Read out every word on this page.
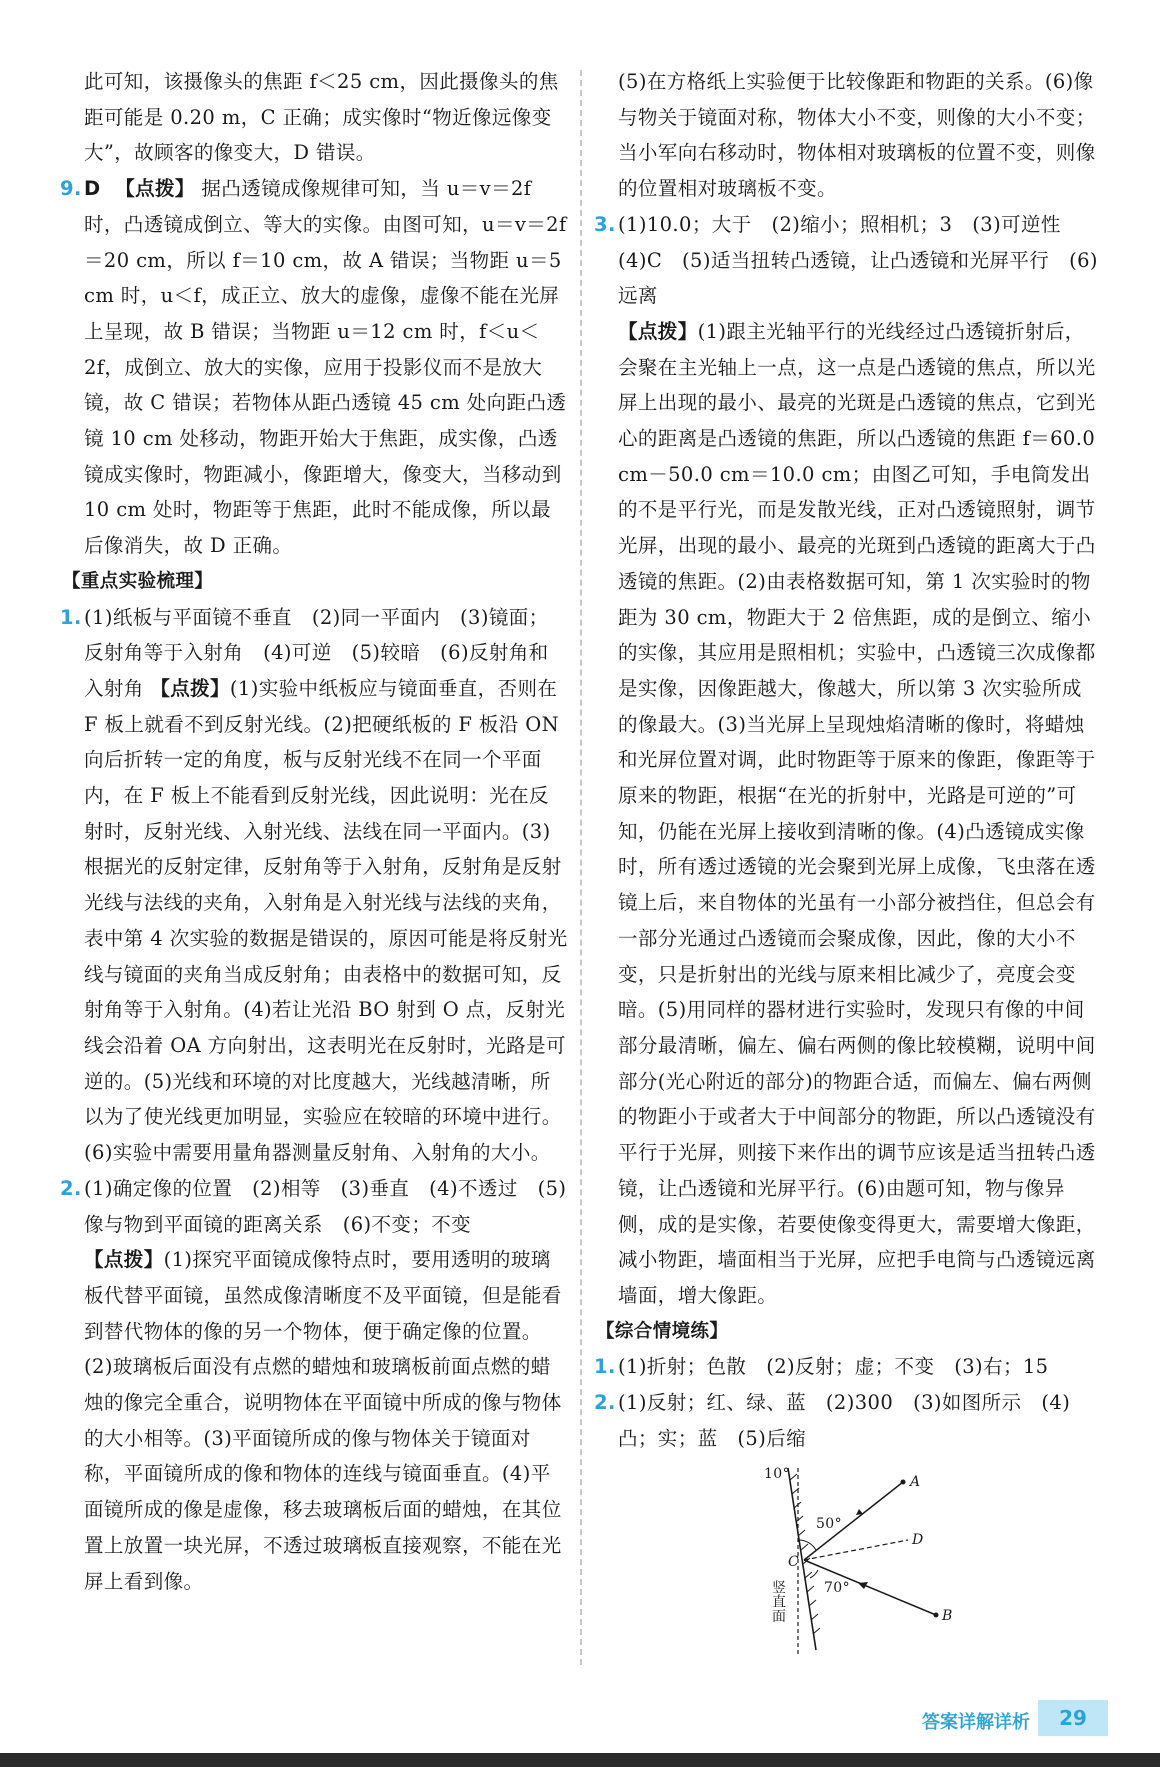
此可知，该摄像头的焦距 f＜25 cm，因此摄像头的焦距可能是 0.20 m，C 正确；成实像时“物近像远像变大”，故顾客的像变大，D 错误。
9. D 【点拨】 据凸透镜成像规律可知，当 u＝v＝2f 时，凸透镜成倒立、等大的实像。由图可知，u＝v＝2f＝20 cm，所以 f＝10 cm，故 A 错误；当物距 u＝5 cm 时，u＜f，成正立、放大的虚像，虚像不能在光屏上呈现，故 B 错误；当物距 u＝12 cm 时，f＜u＜2f，成倒立、放大的实像，应用于投影仪而不是放大镜，故 C 错误；若物体从距凸透镜 45 cm 处向距凸透镜 10 cm 处移动，物距开始大于焦距，成实像，凸透镜成实像时，物距减小，像距增大，像变大，当移动到 10 cm 处时，物距等于焦距，此时不能成像，所以最后像消失，故 D 正确。
【重点实验梳理】
1. (1)纸板与平面镜不垂直　(2)同一平面内　(3)镜面；反射角等于入射角　(4)可逆　(5)较暗　(6)反射角和入射角 【点拨】(1)实验中纸板应与镜面垂直，否则在 F 板上就看不到反射光线。(2)把硬纸板的 F 板沿 ON 向后折转一定的角度，板与反射光线不在同一个平面内，在 F 板上不能看到反射光线，因此说明：光在反射时，反射光线、入射光线、法线在同一平面内。(3)根据光的反射定律，反射角等于入射角，反射角是反射光线与法线的夹角，入射角是入射光线与法线的夹角，表中第 4 次实验的数据是错误的，原因可能是将反射光线与镜面的夹角当成反射角；由表格中的数据可知，反射角等于入射角。(4)若让光沿 BO 射到 O 点，反射光线会沿着 OA 方向射出，这表明光在反射时，光路是可逆的。(5)光线和环境的对比度越大，光线越清晰，所以为了使光线更加明显，实验应在较暗的环境中进行。(6)实验中需要用量角器测量反射角、入射角的大小。
2. (1)确定像的位置　(2)相等　(3)垂直　(4)不透过　(5)像与物到平面镜的距离关系　(6)不变；不变
【点拨】(1)探究平面镜成像特点时，要用透明的玻璃板代替平面镜，虽然成像清晰度不及平面镜，但是能看到替代物体的像的另一个物体，便于确定像的位置。(2)玻璃板后面没有点燃的蜡烛和玻璃板前面点燃的蜡烛的像完全重合，说明物体在平面镜中所成的像与物体的大小相等。(3)平面镜所成的像与物体关于镜面对称，平面镜所成的像和物体的连线与镜面垂直。(4)平面镜所成的像是虚像，移去玻璃板后面的蜡烛，在其位置上放置一块光屏，不透过玻璃板直接观察，不能在光屏上看到像。
(5)在方格纸上实验便于比较像距和物距的关系。(6)像与物关于镜面对称，物体大小不变，则像的大小不变；当小军向右移动时，物体相对玻璃板的位置不变，则像的位置相对玻璃板不变。
3. (1)10.0；大于　(2)缩小；照相机；3　(3)可逆性　(4)C　(5)适当扭转凸透镜，让凸透镜和光屏平行　(6)远离
【点拨】(1)跟主光轴平行的光线经过凸透镜折射后，会聚在主光轴上一点，这一点是凸透镜的焦点，所以光屏上出现的最小、最亮的光斑是凸透镜的焦点，它到光心的距离是凸透镜的焦距，所以凸透镜的焦距 f＝60.0 cm－50.0 cm＝10.0 cm；由图乙可知，手电筒发出的不是平行光，而是发散光线，正对凸透镜照射，调节光屏，出现的最小、最亮的光斑到凸透镜的距离大于凸透镜的焦距。(2)由表格数据可知，第 1 次实验时的物距为 30 cm，物距大于 2 倍焦距，成的是倒立、缩小的实像，其应用是照相机；实验中，凸透镜三次成像都是实像，因像距越大，像越大，所以第 3 次实验所成的像最大。(3)当光屏上呈现烛焰清晰的像时，将蜡烛和光屏位置对调，此时物距等于原来的像距，像距等于原来的物距，根据“在光的折射中，光路是可逆的”可知，仍能在光屏上接收到清晰的像。(4)凸透镜成实像时，所有透过透镜的光会聚到光屏上成像，飞虫落在透镜上后，来自物体的光虽有一小部分被挡住，但总会有一部分光通过凸透镜而会聚成像，因此，像的大小不变，只是折射出的光线与原来相比减少了，亮度会变暗。(5)用同样的器材进行实验时，发现只有像的中间部分最清晰，偏左、偏右两侧的像比较模糊，说明中间部分(光心附近的部分)的物距合适，而偏左、偏右两侧的物距小于或者大于中间部分的物距，所以凸透镜没有平行于光屏，则接下来作出的调节应该是适当扭转凸透镜，让凸透镜和光屏平行。(6)由题可知，物与像异侧，成的是实像，若要使像变得更大，需要增大像距，减小物距，墙面相当于光屏，应把手电筒与凸透镜远离墙面，增大像距。
【综合情境练】
1. (1)折射；色散　(2)反射；虚；不变　(3)右；15
2. (1)反射；红、绿、蓝　(2)300　(3)如图所示　(4)凸；实；蓝　(5)后缩
10°
50°
70°
A
B
C
D
竖直面
答案详解详析	29
